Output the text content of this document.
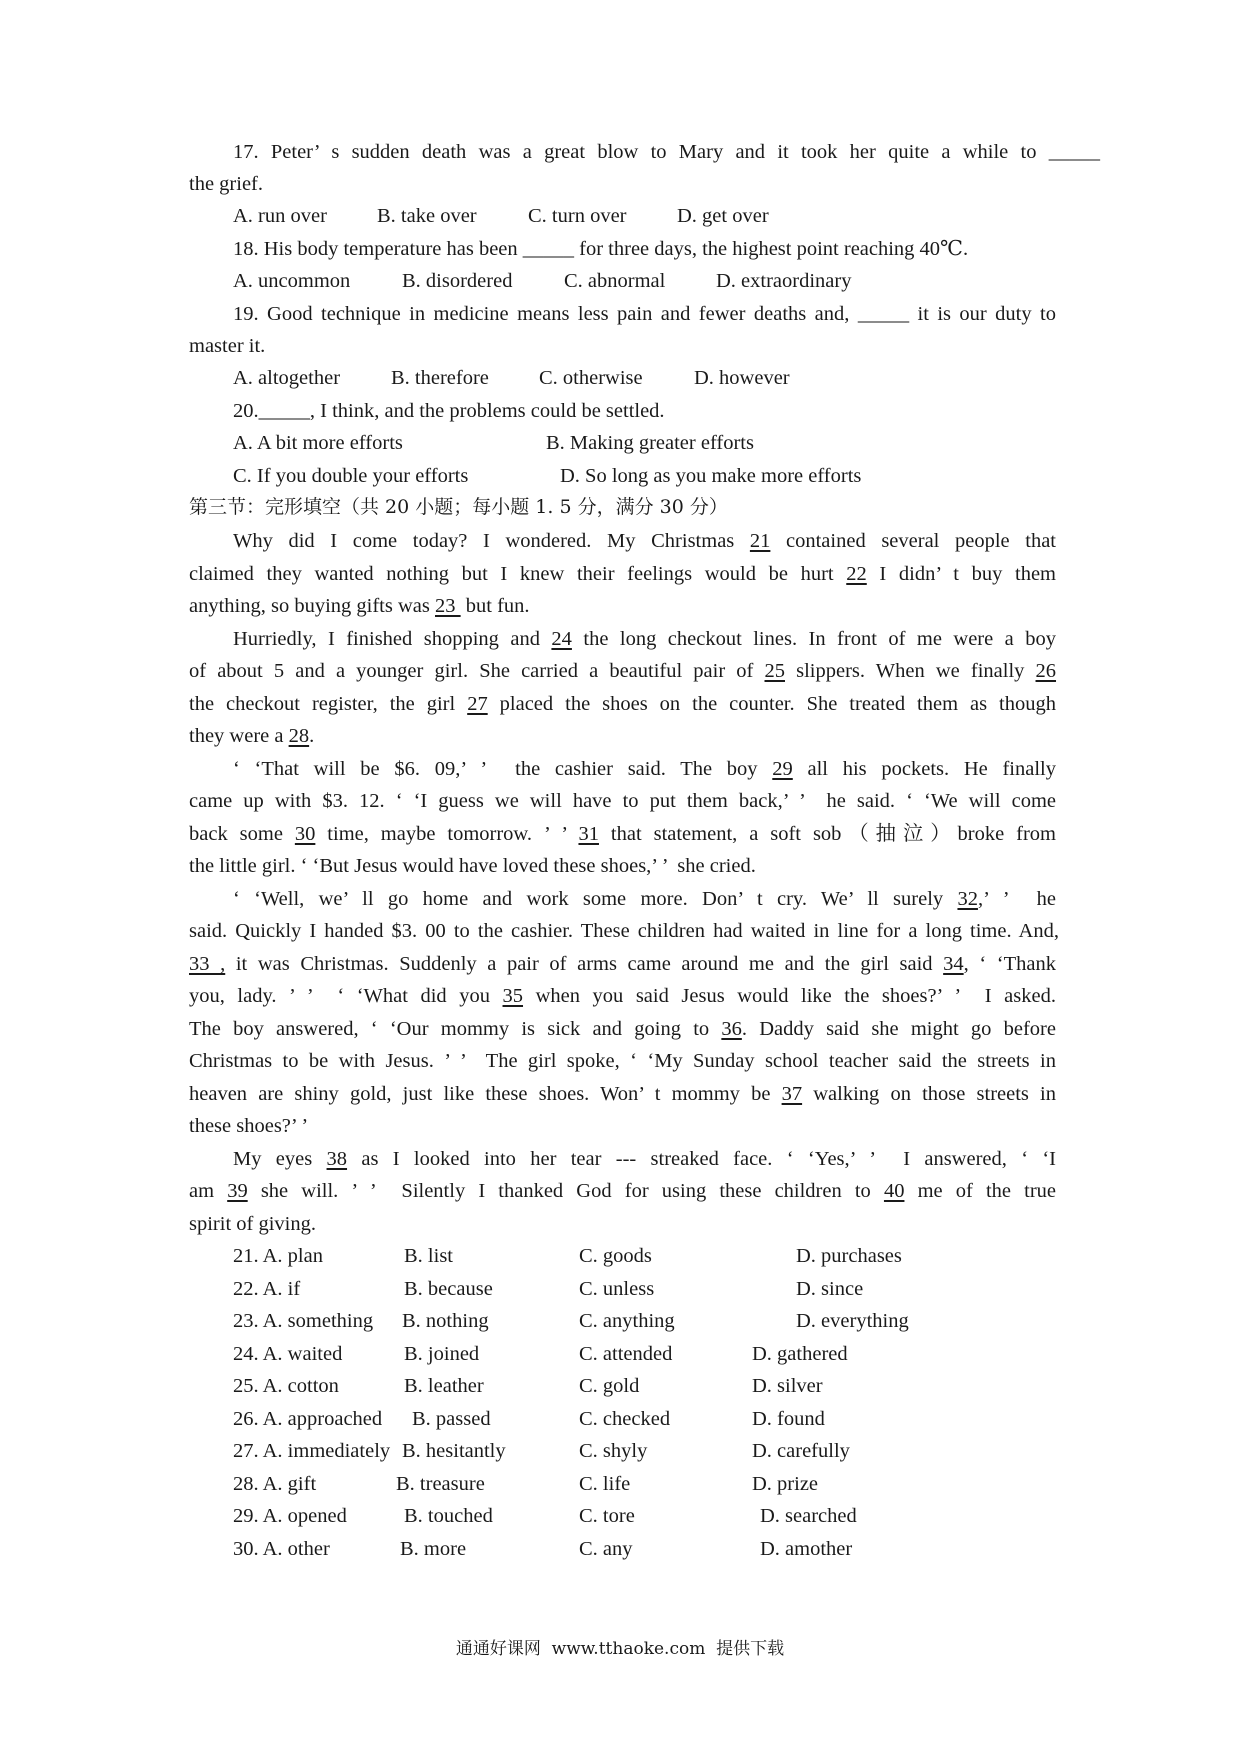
17. Peter’ s sudden death was a great blow to Mary and it took her quite a while to _____
the grief.
A. run over B. take over	C. turn over D. get over
18. His body temperature has been _____ for three days, the highest point reaching 40℃.
A. uncommon	B. disordered	C. abnormal D. extraordinary
19. Good technique in medicine means less pain and fewer deaths and, _____ it is our duty to
master it.
A. altogether B. therefore C. otherwise	D. however
20._____, I think, and the problems could be settled.
A. A bit more efforts	B. Making greater efforts
C. If you double your efforts	D. So long as you make more efforts
第三节：完形填空（共 20 小题；每小题 1. 5 分，满分 30 分）
Why did I come today? I wondered. My Christmas 21 contained several people that
claimed they wanted nothing but I knew their feelings would be hurt 22 I didn’ t buy them
anything, so buying gifts was 23  but fun.
Hurriedly, I finished shopping and 24 the long checkout lines. In front of me were a boy
of about 5 and a younger girl. She carried a beautiful pair of 25 slippers. When we finally 26
the checkout register, the girl 27 placed the shoes on the counter. She treated them as though
they were a 28.
‘ ‘That will be $6. 09,’ ’  the cashier said. The boy 29 all his pockets. He finally
came up with $3. 12. ‘ ‘I guess we will have to put them back,’ ’  he said. ‘ ‘We will come
back some 30 time, maybe tomorrow. ’ ’ 31 that statement, a soft sob（抽泣）broke from
the little girl. ‘ ‘But Jesus would have loved these shoes,’ ’  she cried.
‘ ‘Well, we’ ll go home and work some more. Don’ t cry. We’ ll surely 32,’ ’  he
said. Quickly I handed $3. 00 to the cashier. These children had waited in line for a long time. And,
33 , it was Christmas. Suddenly a pair of arms came around me and the girl said 34, ‘ ‘Thank
you, lady. ’ ’  ‘ ‘What did you 35 when you said Jesus would like the shoes?’ ’  I asked.
The boy answered, ‘ ‘Our mommy is sick and going to 36. Daddy said she might go before
Christmas to be with Jesus. ’ ’  The girl spoke, ‘ ‘My Sunday school teacher said the streets in
heaven are shiny gold, just like these shoes. Won’ t mommy be 37 walking on those streets in
these shoes?’ ’
My eyes 38 as I looked into her tear --- streaked face. ‘ ‘Yes,’ ’  I answered, ‘ ‘I
am 39 she will. ’ ’  Silently I thanked God for using these children to 40 me of the true
spirit of giving.
21. A. plan	B. list	C. goods	D. purchases
22. A. if	B. because	C. unless	D. since
23. A. something B. nothing	C. anything	D. everything
24. A. waited	B. joined	C. attended	D. gathered
25. A. cotton	B. leather	C. gold	D. silver
26. A. approached B. passed	C. checked	D. found
27. A. immediately B. hesitantly	C. shyly	D. carefully
28. A. gift	B. treasure	C. life	D. prize
29. A. opened	B. touched	C. tore	D. searched
30. A. other	B. more	C. any	D. amother
通通好课网  www.tthaoke.com  提供下载
